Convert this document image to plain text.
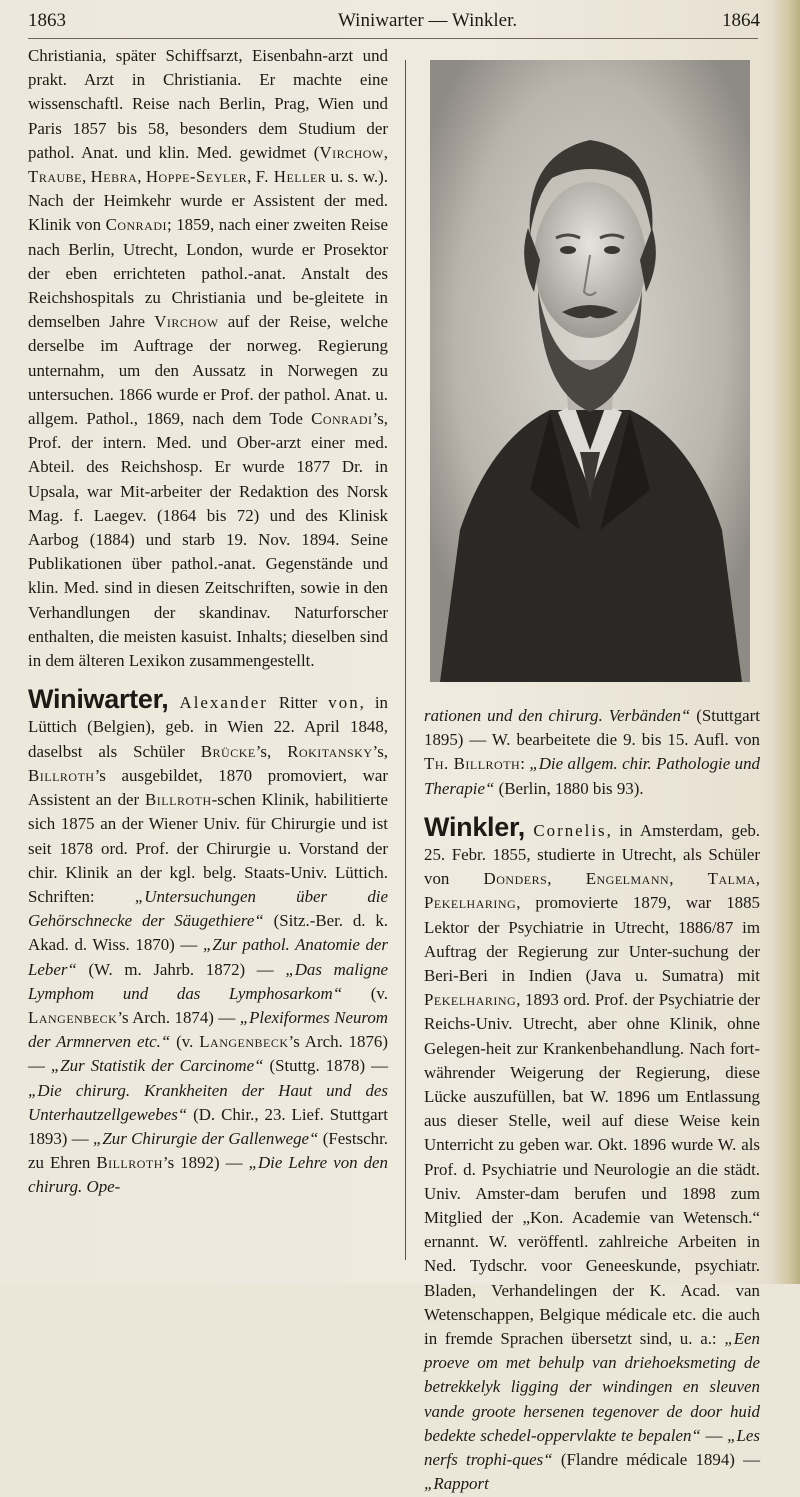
1863	Winiwarter — Winkler.	1864

Christiania, später Schiffsarzt, Eisenbahn-arzt und prakt. Arzt in Christiania. Er machte eine wissenschaftl. Reise nach Berlin, Prag, Wien und Paris 1857 bis 58, besonders dem Studium der pathol. Anat. und klin. Med. gewidmet (Virchow, Traube, Hebra, Hoppe-Seyler, F. Heller u. s. w.). Nach der Heimkehr wurde er Assistent der med. Klinik von Conradi; 1859, nach einer zweiten Reise nach Berlin, Utrecht, London, wurde er Prosektor der eben errichteten pathol.-anat. Anstalt des Reichshospitals zu Christiania und be-gleitete in demselben Jahre Virchow auf der Reise, welche derselbe im Auftrage der norweg. Regierung unternahm, um den Aussatz in Norwegen zu untersuchen. 1866 wurde er Prof. der pathol. Anat. u. allgem. Pathol., 1869, nach dem Tode Conradi’s, Prof. der intern. Med. und Ober-arzt einer med. Abteil. des Reichshosp. Er wurde 1877 Dr. in Upsala, war Mit-arbeiter der Redaktion des Norsk Mag. f. Laegev. (1864 bis 72) und des Klinisk Aarbog (1884) und starb 19. Nov. 1894. Seine Publikationen über pathol.-anat. Gegenstände und klin. Med. sind in diesen Zeitschriften, sowie in den Verhandlungen der skandinav. Naturforscher enthalten, die meisten kasuist. Inhalts; dieselben sind in dem älteren Lexikon zusammengestellt.

Winiwarter, Alexander Ritter von, in Lüttich (Belgien), geb. in Wien 22. April 1848, daselbst als Schüler Brücke’s, Rokitansky’s, Billroth’s ausgebildet, 1870 promoviert, war Assistent an der Billroth-schen Klinik, habilitierte sich 1875 an der Wiener Univ. für Chirurgie und ist seit 1878 ord. Prof. der Chirurgie u. Vorstand der chir. Klinik an der kgl. belg. Staats-Univ. Lüttich. Schriften: „Untersuchungen über die Gehörschnecke der Säugethiere“ (Sitz.-Ber. d. k. Akad. d. Wiss. 1870) — „Zur pathol. Anatomie der Leber“ (W. m. Jahrb. 1872) — „Das maligne Lymphom und das Lymphosarkom“ (v. Langenbeck’s Arch. 1874) — „Plexiformes Neurom der Armnerven etc.“ (v. Langenbeck’s Arch. 1876) — „Zur Statistik der Carcinome“ (Stuttg. 1878) — „Die chirurg. Krankheiten der Haut und des Unterhautzellgewebes“ (D. Chir., 23. Lief. Stuttgart 1893) — „Zur Chirurgie der Gallenwege“ (Festschr. zu Ehren Billroth’s 1892) — „Die Lehre von den chirurg. Ope-

rationen und den chirurg. Verbänden“ (Stuttgart 1895) — W. bearbeitete die 9. bis 15. Aufl. von Th. Billroth: „Die allgem. chir. Pathologie und Therapie“ (Berlin, 1880 bis 93).

Winkler, Cornelis, in Amsterdam, geb. 25. Febr. 1855, studierte in Utrecht, als Schüler von Donders, Engelmann, Talma, Pekelharing, promovierte 1879, war 1885 Lektor der Psychiatrie in Utrecht, 1886/87 im Auftrag der Regierung zur Unter-suchung der Beri-Beri in Indien (Java u. Sumatra) mit Pekelharing, 1893 ord. Prof. der Psychiatrie der Reichs-Univ. Utrecht, aber ohne Klinik, ohne Gelegen-heit zur Krankenbehandlung. Nach fort-währender Weigerung der Regierung, diese Lücke auszufüllen, bat W. 1896 um Entlassung aus dieser Stelle, weil auf diese Weise kein Unterricht zu geben war. Okt. 1896 wurde W. als Prof. d. Psychiatrie und Neurologie an die städt. Univ. Amster-dam berufen und 1898 zum Mitglied der „Kon. Academie van Wetensch.“ ernannt. W. veröffentl. zahlreiche Arbeiten in Ned. Tydschr. voor Geneeskunde, psychiatr. Bladen, Verhandelingen der K. Acad. van Wetenschappen, Belgique médicale etc. die auch in fremde Sprachen übersetzt sind, u. a.: „Een proeve om met behulp van driehoeksmeting de betrekkelyk ligging der windingen en sleuven vande groote hersenen tegenover de door huid bedekte schedel-oppervlakte te bepalen“ — „Les nerfs trophi-ques“ (Flandre médicale 1894) — „Rapport
